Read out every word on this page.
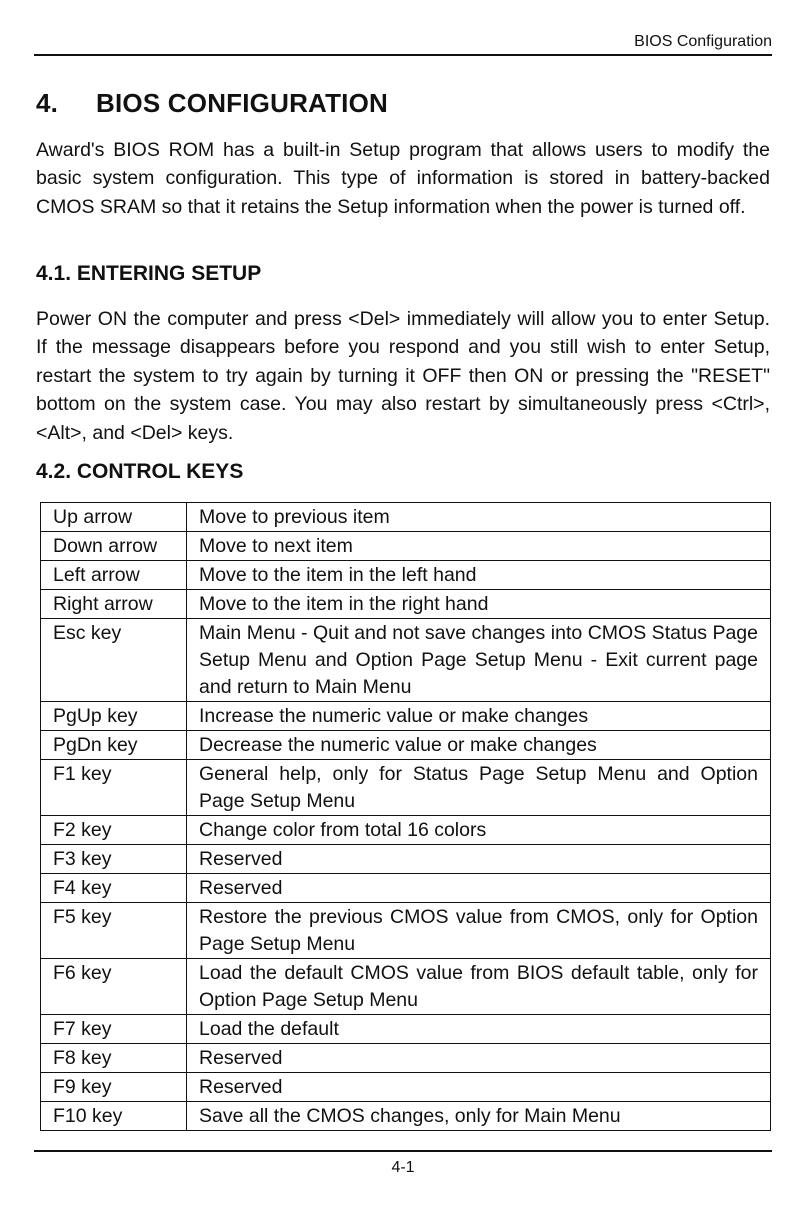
BIOS Configuration
4. BIOS CONFIGURATION

Award's BIOS ROM has a built-in Setup program that allows users to modify the basic system configuration. This type of information is stored in battery-backed CMOS SRAM so that it retains the Setup information when the power is turned off.

4.1. ENTERING SETUP

Power ON the computer and press <Del> immediately will allow you to enter Setup. If the message disappears before you respond and you still wish to enter Setup, restart the system to try again by turning it OFF then ON or pressing the "RESET" bottom on the system case. You may also restart by simultaneously press <Ctrl>, <Alt>, and <Del> keys.

4.2. CONTROL KEYS
Up arrow	Move to previous item
Down arrow	Move to next item
Left arrow	Move to the item in the left hand
Right arrow	Move to the item in the right hand
Esc key	Main Menu - Quit and not save changes into CMOS Status Page Setup Menu and Option Page Setup Menu - Exit current page and return to Main Menu
PgUp key	Increase the numeric value or make changes
PgDn key	Decrease the numeric value or make changes
F1 key	General help, only for Status Page Setup Menu and Option Page Setup Menu
F2 key	Change color from total 16 colors
F3 key	Reserved
F4 key	Reserved
F5 key	Restore the previous CMOS value from CMOS, only for Option Page Setup Menu
F6 key	Load the default CMOS value from BIOS default table, only for Option Page Setup Menu
F7 key	Load the default
F8 key	Reserved
F9 key	Reserved
F10 key	Save all the CMOS changes, only for Main Menu
4-1
